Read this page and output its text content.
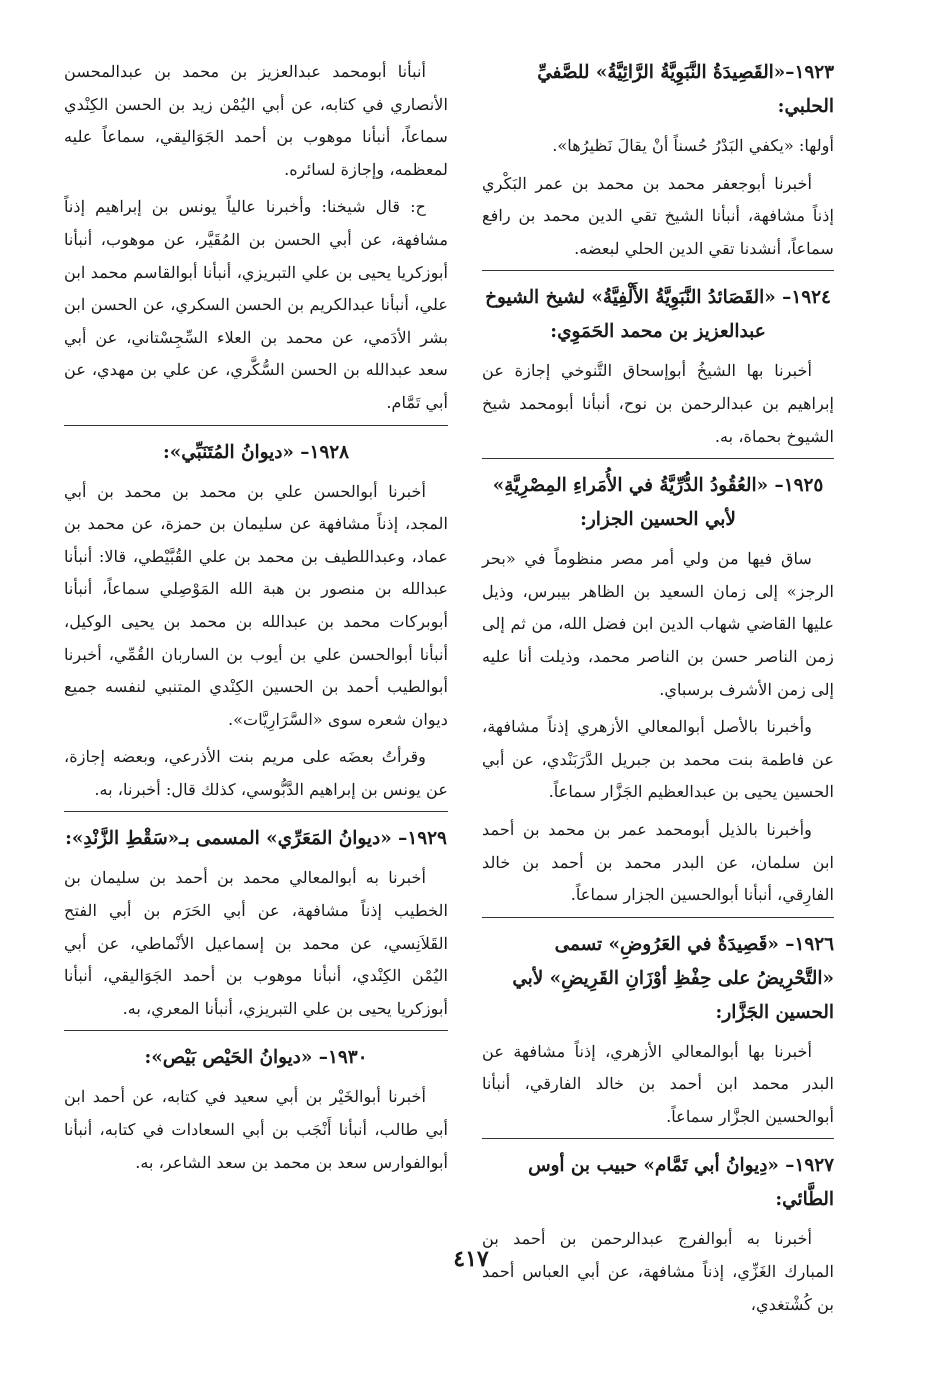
١٩٢٣–«القَصِيدَةُ النَّبَوِيَّةُ الرَّائِيَّةُ» للصَّفيِّ الحلبي:

أولها: «يكفي البَدْرُ حُسناً أنْ يقالَ نَظيرُها».

أخبرنا أبوجعفر محمد بن محمد بن عمر البَكْري إذناً مشافهة، أنبأنا الشيخ تقي الدين محمد بن رافع سماعاً، أنشدنا تقي الدين الحلي لبعضه.

١٩٢٤– «القَصَائدُ النَّبَوِيَّةُ الأَلْفِيَّةُ» لشيخ الشيوخ عبدالعزيز بن محمد الحَمَوِي:

أخبرنا بها الشيخُ أبوإسحاق التَّنوخي إجازة عن إبراهيم بن عبدالرحمن بن نوح، أنبأنا أبومحمد شيخ الشيوخ بحماة، به.

١٩٢٥– «العُقُودُ الدُّرِّيَّةُ في الأُمَراءِ المِصْرِيَّةِ» لأبي الحسين الجزار:

ساق فيها من ولي أمر مصر منظوماً في «بحر الرجز» إلى زمان السعيد بن الظاهر بيبرس، وذيل عليها القاضي شهاب الدين ابن فضل الله، من ثم إلى زمن الناصر حسن بن الناصر محمد، وذيلت أنا عليه إلى زمن الأشرف برسباي.

وأخبرنا بالأصل أبوالمعالي الأزهري إذناً مشافهة، عن فاطمة بنت محمد بن جبريل الدَّرَبَنْدي، عن أبي الحسين يحيى بن عبدالعظيم الجَزَّار سماعاً.

وأخبرنا بالذيل أبومحمد عمر بن محمد بن أحمد ابن سلمان، عن البدر محمد بن أحمد بن خالد الفارِقي، أنبأنا أبوالحسين الجزار سماعاً.

١٩٢٦– «قَصِيدَةٌ في العَرُوضِ» تسمى «التَّحْرِيضُ على حِفْظِ أوْزَانِ القَرِيضِ» لأبي الحسين الجَزَّار:

أخبرنا بها أبوالمعالي الأزهري، إذناً مشافهة عن البدر محمد ابن أحمد بن خالد الفارقي، أنبأنا أبوالحسين الجزَّار سماعاً.

١٩٢٧– «دِيوانُ أبي تَمَّام» حبيب بن أوس الطَّائي:

أخبرنا به أبوالفرج عبدالرحمن بن أحمد بن المبارك الغَزِّي، إذناً مشافهة، عن أبي العباس أحمد بن كُشْتغدي،

أنبأنا أبومحمد عبدالعزيز بن محمد بن عبدالمحسن الأنصاري في كتابه، عن أبي اليُمْن زيد بن الحسن الكِنْدي سماعاً، أنبأنا موهوب بن أحمد الجَوَاليقي، سماعاً عليه لمعظمه، وإجازة لسائره.

ح: قال شيخنا: وأخبرنا عالياً يونس بن إبراهيم إذناً مشافهة، عن أبي الحسن بن المُقَيَّر، عن موهوب، أنبأنا أبوزكريا يحيى بن علي التبريزي، أنبأنا أبوالقاسم محمد ابن علي، أنبأنا عبدالكريم بن الحسن السكري، عن الحسن ابن بشر الأدَمي، عن محمد بن العلاء السِّجِسْتاني، عن أبي سعد عبدالله بن الحسن السُّكَّري، عن علي بن مهدي، عن أبي تَمَّام.

١٩٢٨– «ديوانُ المُتَنَبِّي»:

أخبرنا أبوالحسن علي بن محمد بن محمد بن أبي المجد، إذناً مشافهة عن سليمان بن حمزة، عن محمد بن عماد، وعبداللطيف بن محمد بن علي القُبَّيْطي، قالا: أنبأنا عبدالله بن منصور بن هبة الله المَوْصِلي سماعاً، أنبأنا أبوبركات محمد بن عبدالله بن محمد بن يحيى الوكيل، أنبأنا أبوالحسن علي بن أيوب بن الساربان القُمِّي، أخبرنا أبوالطيب أحمد بن الحسين الكِنْدي المتنبي لنفسه جميع ديوان شعره سوى «السَّرَارِيَّات».

وقرأتُ بعضَه على مريم بنت الأذرعي، وبعضه إجازة، عن يونس بن إبراهيم الدَّبُّوسي، كذلك قال: أخبرنا، به.

١٩٢٩– «ديوانُ المَعَرِّي» المسمى بـ«سَقْطِ الزَّنْدِ»:

أخبرنا به أبوالمعالي محمد بن أحمد بن سليمان بن الخطيب إذناً مشافهة، عن أبي الحَرَم بن أبي الفتح القَلاَنِسي، عن محمد بن إسماعيل الأنْماطي، عن أبي اليُمْن الكِنْدي، أنبأنا موهوب بن أحمد الجَوَاليقي، أنبأنا أبوزكريا يحيى بن علي التبريزي، أنبأنا المعري، به.

١٩٣٠– «ديوانُ الحَيْص بَيْص»:

أخبرنا أبوالخَيْر بن أبي سعيد في كتابه، عن أحمد ابن أبي طالب، أنبأنا أَنْجَب بن أبي السعادات في كتابه، أنبأنا أبوالفوارس سعد بن محمد بن سعد الشاعر، به.

٤١٧
